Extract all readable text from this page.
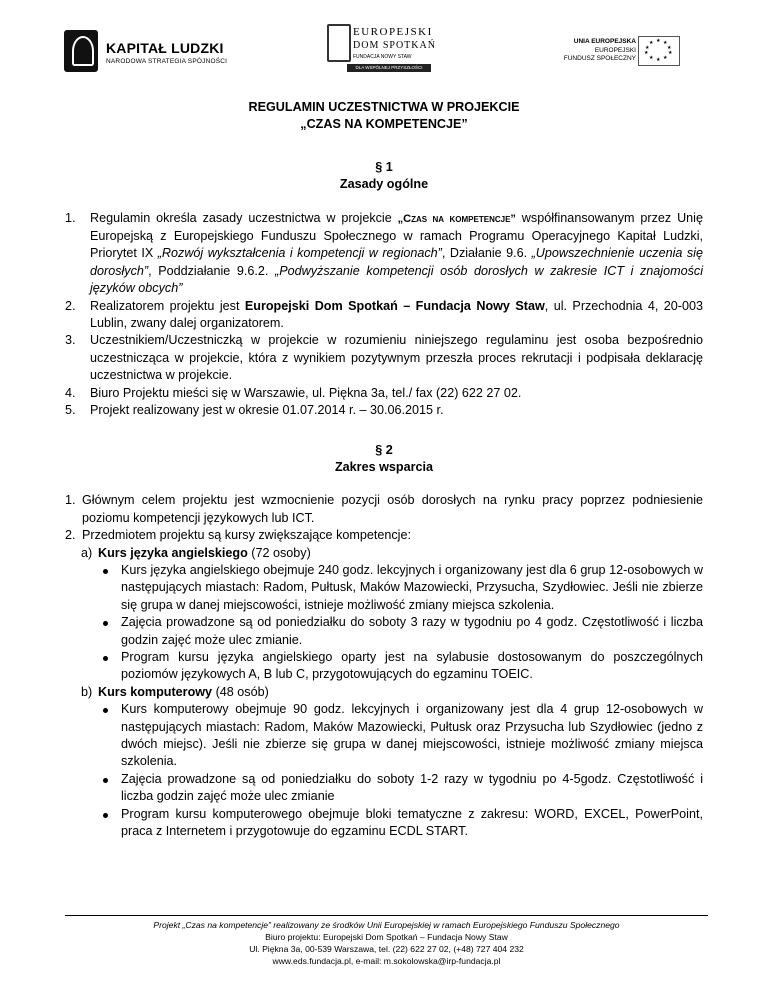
KAPITAŁ LUDZKI
NARODOWA STRATEGIA SPÓJNOŚCI
EUROPEJSKI
DOM SPOTKAŃ
FUNDACJA NOWY STAW
DLA WSPÓLNEJ PRZYSZŁOŚCI
UNIA EUROPEJSKA
EUROPEJSKI
FUNDUSZ SPOŁECZNY
★ ★
★
★
★
★
★
★
★
★
REGULAMIN UCZESTNICTWA W PROJEKCIE
„CZAS NA KOMPETENCJE”
§ 1
Zasady ogólne
1. Regulamin określa zasady uczestnictwa w projekcie „Czas na kompetencje” współfinansowanym przez Unię Europejską z Europejskiego Funduszu Społecznego w ramach Programu Operacyjnego Kapitał Ludzki, Priorytet IX „Rozwój wykształcenia i kompetencji w regionach”, Działanie 9.6. „Upowszechnienie uczenia się dorosłych”, Poddziałanie 9.6.2. „Podwyższanie kompetencji osób dorosłych w zakresie ICT i znajomości języków obcych”
2. Realizatorem projektu jest Europejski Dom Spotkań – Fundacja Nowy Staw, ul. Przechodnia 4, 20-003 Lublin, zwany dalej organizatorem.
3. Uczestnikiem/Uczestniczką w projekcie w rozumieniu niniejszego regulaminu jest osoba bezpośrednio uczestnicząca w projekcie, która z wynikiem pozytywnym przeszła proces rekrutacji i podpisała deklarację uczestnictwa w projekcie.
4. Biuro Projektu mieści się w Warszawie, ul. Piękna 3a, tel./ fax (22) 622 27 02.
5. Projekt realizowany jest w okresie 01.07.2014 r. – 30.06.2015 r.
§ 2
Zakres wsparcia
1. Głównym celem projektu jest wzmocnienie pozycji osób dorosłych na rynku pracy poprzez podniesienie poziomu kompetencji językowych lub ICT.
2. Przedmiotem projektu są kursy zwiększające kompetencje:
a) Kurs języka angielskiego (72 osoby)
Kurs języka angielskiego obejmuje 240 godz. lekcyjnych i organizowany jest dla 6 grup 12-osobowych w następujących miastach: Radom, Pułtusk, Maków Mazowiecki, Przysucha, Szydłowiec. Jeśli nie zbierze się grupa w danej miejscowości, istnieje możliwość zmiany miejsca szkolenia.
Zajęcia prowadzone są od poniedziałku do soboty 3 razy w tygodniu po 4 godz. Częstotliwość i liczba godzin zajęć może ulec zmianie.
Program kursu języka angielskiego oparty jest na sylabusie dostosowanym do poszczególnych poziomów językowych A, B lub C, przygotowujących do egzaminu TOEIC.
b) Kurs komputerowy (48 osób)
Kurs komputerowy obejmuje 90 godz. lekcyjnych i organizowany jest dla 4 grup 12-osobowych w następujących miastach: Radom, Maków Mazowiecki, Pułtusk oraz Przysucha lub Szydłowiec (jedno z dwóch miejsc). Jeśli nie zbierze się grupa w danej miejscowości, istnieje możliwość zmiany miejsca szkolenia.
Zajęcia prowadzone są od poniedziałku do soboty 1-2 razy w tygodniu po 4-5godz. Częstotliwość i liczba godzin zajęć może ulec zmianie
Program kursu komputerowego obejmuje bloki tematyczne z zakresu: WORD, EXCEL, PowerPoint, praca z Internetem i przygotowuje do egzaminu ECDL START.
Projekt „Czas na kompetencje” realizowany ze środków Unii Europejskiej w ramach Europejskiego Funduszu Społecznego
Biuro projektu: Europejski Dom Spotkań – Fundacja Nowy Staw
Ul. Piękna 3a, 00-539 Warszawa, tel. (22) 622 27 02, (+48) 727 404 232
www.eds.fundacja.pl, e-mail: m.sokolowska@irp-fundacja.pl
